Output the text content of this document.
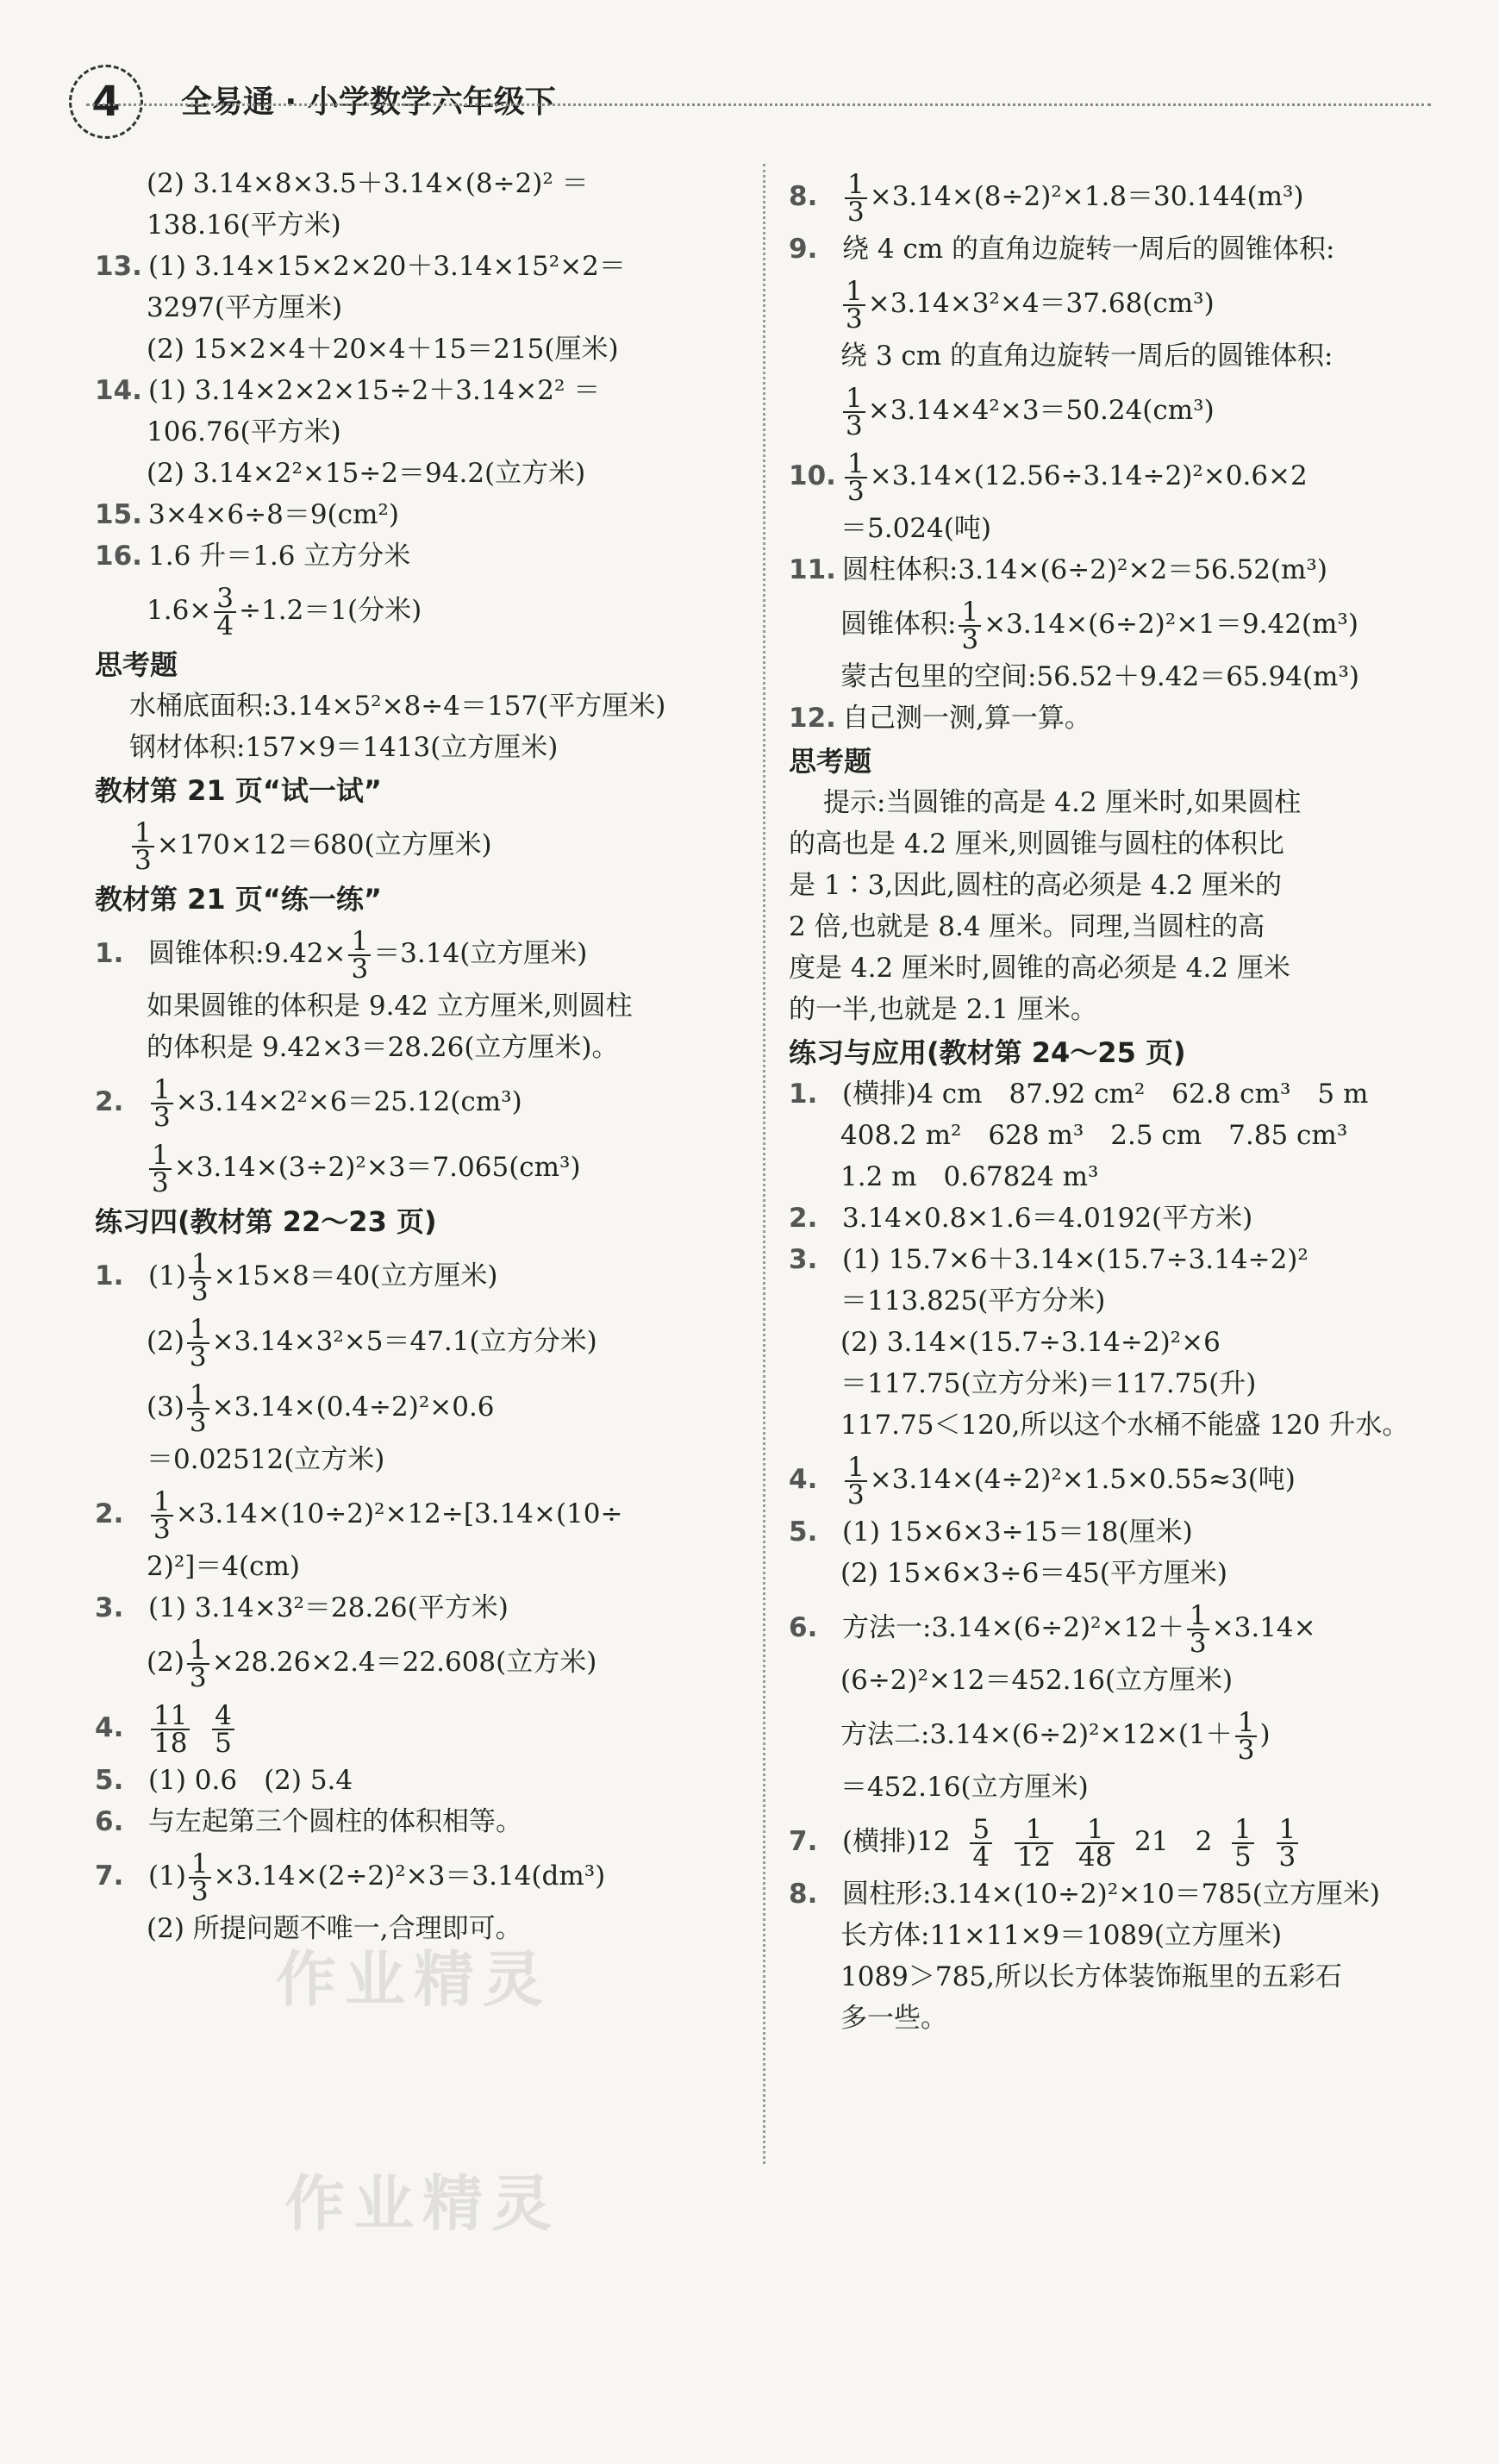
4	全易通 · 小学数学六年级下
(2) 3.14×8×3.5＋3.14×(8÷2)² ＝
138.16(平方米)
13. (1) 3.14×15×2×20＋3.14×15²×2＝
3297(平方厘米)
(2) 15×2×4＋20×4＋15＝215(厘米)
14. (1) 3.14×2×2×15÷2＋3.14×2² ＝
106.76(平方米)
(2) 3.14×2²×15÷2＝94.2(立方米)
15. 3×4×6÷8＝9(cm²)
16. 1.6 升＝1.6 立方分米
$1.6\times \frac{3}{4} \div 1.2=1$(分米)
思考题
水桶底面积:3.14×5²×8÷4＝157(平方厘米)
钢材体积:157×9＝1413(立方厘米)
教材第 21 页“试一试”
$\frac{1}{3} \times 170\times 12=680$(立方厘米)
教材第 21 页“练一练”
1. 圆锥体积:9.42× $\frac{1}{3} =3.14$(立方厘米)
如果圆锥的体积是 9.42 立方厘米,则圆柱
的体积是 9.42×3＝28.26(立方厘米)。
2. $\frac{1}{3} \times 3.14\times 2^2\times 6=25.12(cm^3)$
$\frac{1}{3} \times 3.14\times(3\div 2)^2\times 3=7.065(cm^3)$
练习四(教材第 22～23 页)
1. $(1) \frac{1}{3} \times 15\times 8=40$(立方厘米)
$(2) \frac{1}{3} \times 3.14\times 3^2\times 5=47.1$(立方分米)
$(3) \frac{1}{3} \times 3.14\times(0.4\div 2)^2\times 0.6$
＝0.02512(立方米)
2. $\frac{1}{3} \times 3.14\times(10\div 2)^2\times 12\div[3.14\times(10\div$
2)²]＝4(cm)
3. (1) 3.14×3²＝28.26(平方米)
$(2) \frac{1}{3} \times 28.26\times 2.4=22.608$(立方米)
4. $\frac{11}{18}$
$\frac{4}{5}$
5. (1) 0.6　(2) 5.4
6. 与左起第三个圆柱的体积相等。
7. $(1) \frac{1}{3} \times 3.14\times(2\div 2)^2\times 3=3.14(dm^3)$
(2) 所提问题不唯一,合理即可。
8. $\frac{1}{3} \times 3.14\times(8\div 2)^2\times 1.8=30.144(m^3)$
9. 绕 4 cm 的直角边旋转一周后的圆锥体积:
$\frac{1}{3} \times 3.14\times 3^2\times 4=37.68(cm^3)$
绕 3 cm 的直角边旋转一周后的圆锥体积:
$\frac{1}{3} \times 3.14\times 4^2\times 3=50.24(cm^3)$
10. $\frac{1}{3} \times 3.14\times(12.56\div 3.14\div 2)^2\times 0.6\times 2$
＝5.024(吨)
11. 圆柱体积:3.14×(6÷2)²×2＝56.52(m³)
圆锥体积: $\frac{1}{3} \times 3.14\times(6\div 2)^2\times 1=9.42(m^3)$
蒙古包里的空间:56.52＋9.42＝65.94(m³)
12. 自己测一测,算一算。
思考题
提示:当圆锥的高是 4.2 厘米时,如果圆柱
的高也是 4.2 厘米,则圆锥与圆柱的体积比
是 1∶3,因此,圆柱的高必须是 4.2 厘米的
2 倍,也就是 8.4 厘米。同理,当圆柱的高
度是 4.2 厘米时,圆锥的高必须是 4.2 厘米
的一半,也就是 2.1 厘米。
练习与应用(教材第 24～25 页)
1. (横排)4 cm　87.92 cm²　62.8 cm³　5 m
408.2 m²　628 m³　2.5 cm　7.85 cm³
1.2 m　0.67824 m³
2. 3.14×0.8×1.6＝4.0192(平方米)
3. (1) 15.7×6＋3.14×(15.7÷3.14÷2)²
＝113.825(平方分米)
(2) 3.14×(15.7÷3.14÷2)²×6
＝117.75(立方分米)＝117.75(升)
117.75＜120,所以这个水桶不能盛 120 升水。
4. $\frac{1}{3} \times 3.14\times(4\div 2)^2\times 1.5\times 0.55\approx 3$(吨)
5. (1) 15×6×3÷15＝18(厘米)
(2) 15×6×3÷6＝45(平方厘米)
6. 方法一:3.14×(6÷2)²×12＋ $\frac{1}{3} \times 3.14\times$
(6÷2)²×12＝452.16(立方厘米)
方法二:3.14×(6÷2)²×12×(1＋ $\frac{1}{3}$ )
＝452.16(立方厘米)
7. (横排)$12 \frac{5}{4}$
$\frac{1}{12}$
$\frac{1}{48} 21$　$2 \frac{1}{5}$
$\frac{1}{3}$
8. 圆柱形:3.14×(10÷2)²×10＝785(立方厘米)
长方体:11×11×9＝1089(立方厘米)
1089＞785,所以长方体装饰瓶里的五彩石
多一些。
作业精灵
作业精灵
